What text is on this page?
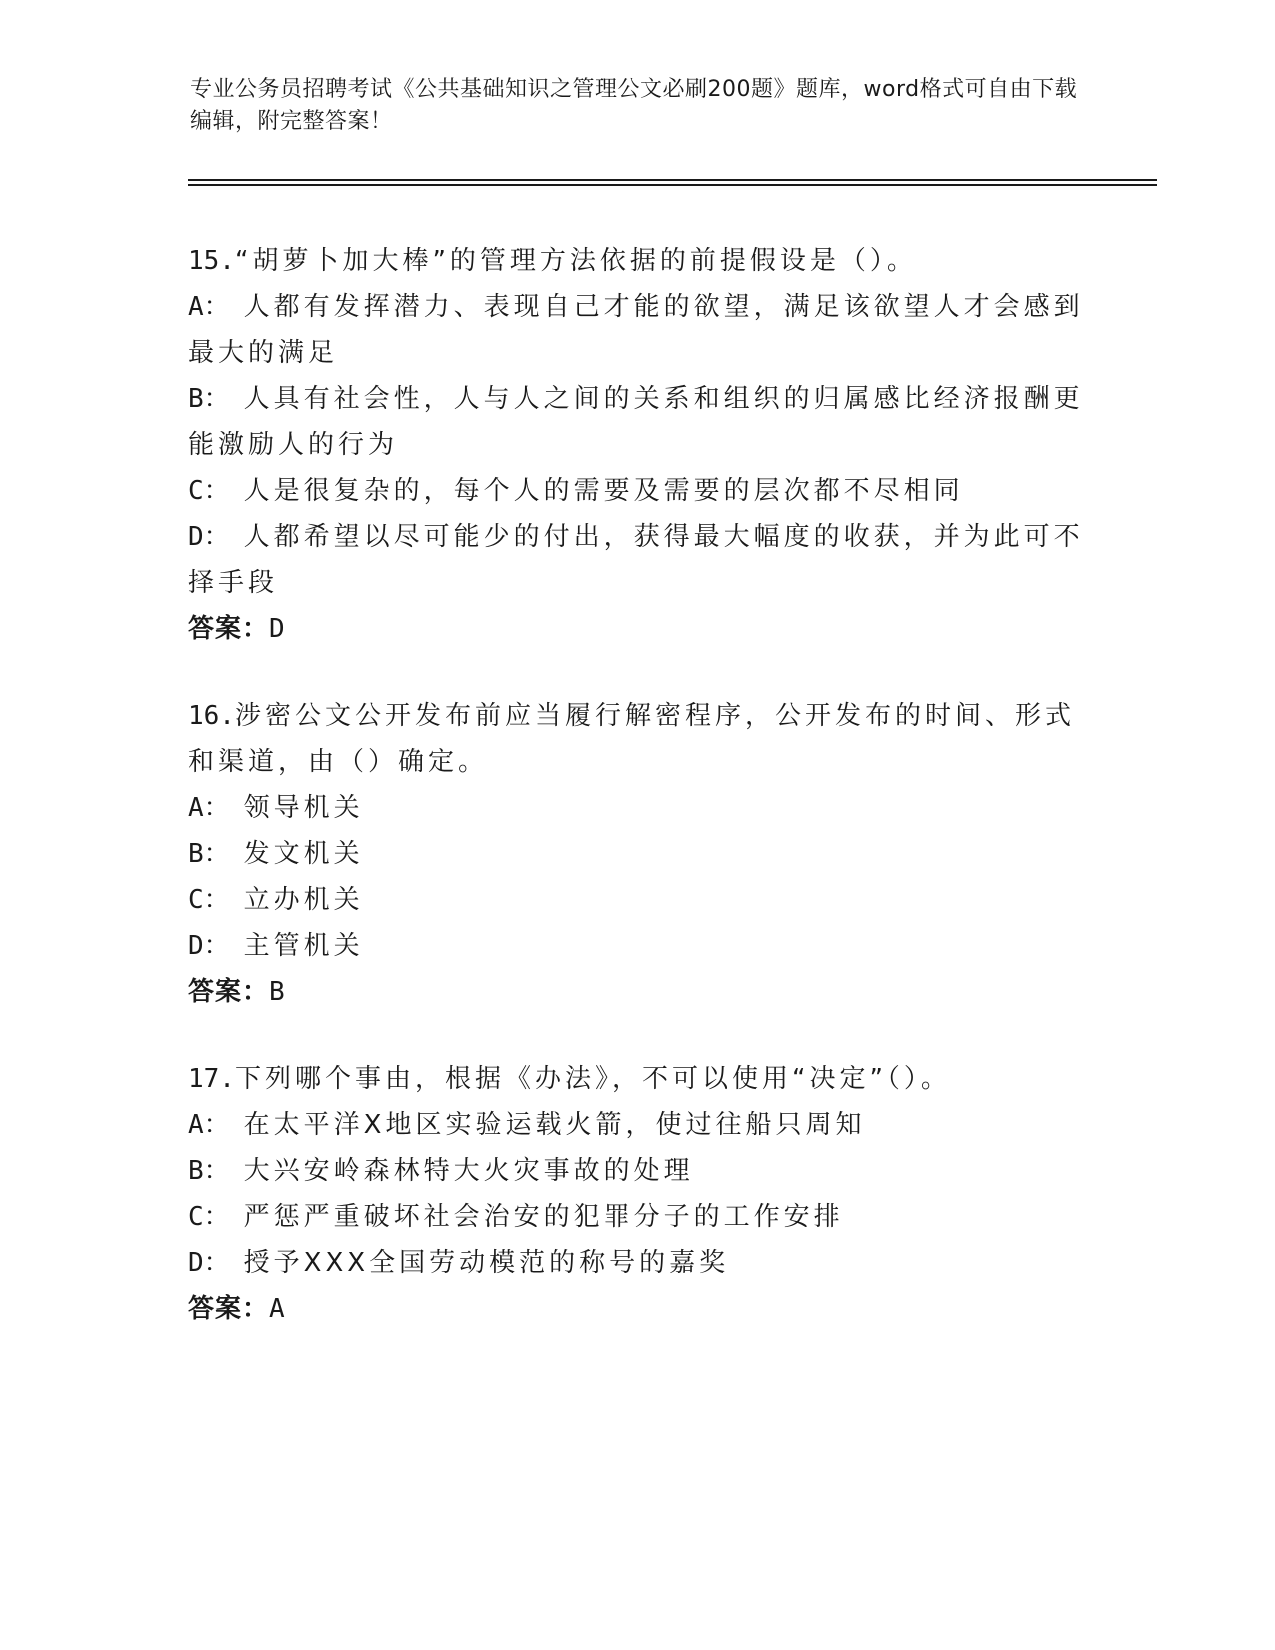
专业公务员招聘考试《公共基础知识之管理公文必刷200题》题库，word格式可自由下载编辑，附完整答案！
15.“胡萝卜加大棒”的管理方法依据的前提假设是（）。
A： 人都有发挥潜力、表现自己才能的欲望，满足该欲望人才会感到最大的满足
B： 人具有社会性，人与人之间的关系和组织的归属感比经济报酬更能激励人的行为
C： 人是很复杂的，每个人的需要及需要的层次都不尽相同
D： 人都希望以尽可能少的付出，获得最大幅度的收获，并为此可不择手段
答案：D
16.涉密公文公开发布前应当履行解密程序，公开发布的时间、形式和渠道，由（）确定。
A： 领导机关
B： 发文机关
C： 立办机关
D： 主管机关
答案：B
17.下列哪个事由，根据《办法》，不可以使用“决定”（）。
A： 在太平洋X地区实验运载火箭，使过往船只周知
B： 大兴安岭森林特大火灾事故的处理
C： 严惩严重破坏社会治安的犯罪分子的工作安排
D： 授予XXX全国劳动模范的称号的嘉奖
答案：A
